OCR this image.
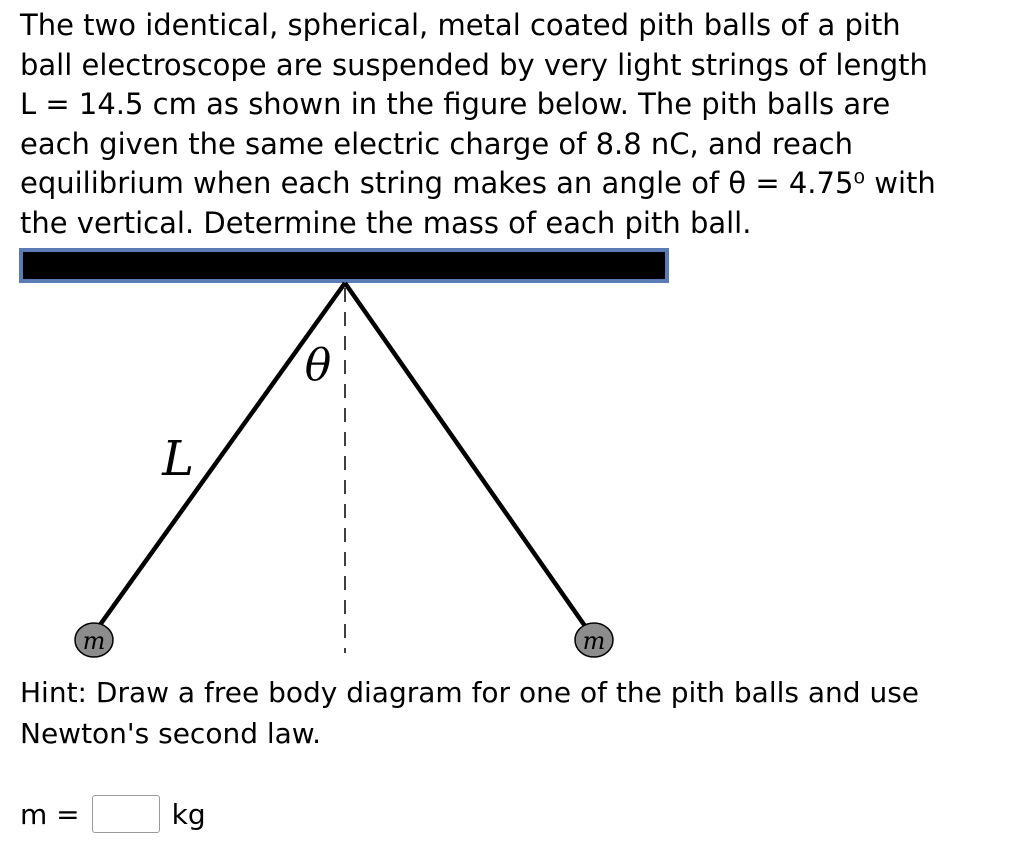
The two identical, spherical, metal coated pith balls of a pith
ball electroscope are suspended by very light strings of length
L = 14.5 cm as shown in the figure below. The pith balls are
each given the same electric charge of 8.8 nC, and reach
equilibrium when each string makes an angle of θ = 4.75⁰ with
the vertical. Determine the mass of each pith ball.
m	m
θ
L
Hint: Draw a free body diagram for one of the pith balls and use
Newton's second law.
m =	kg
